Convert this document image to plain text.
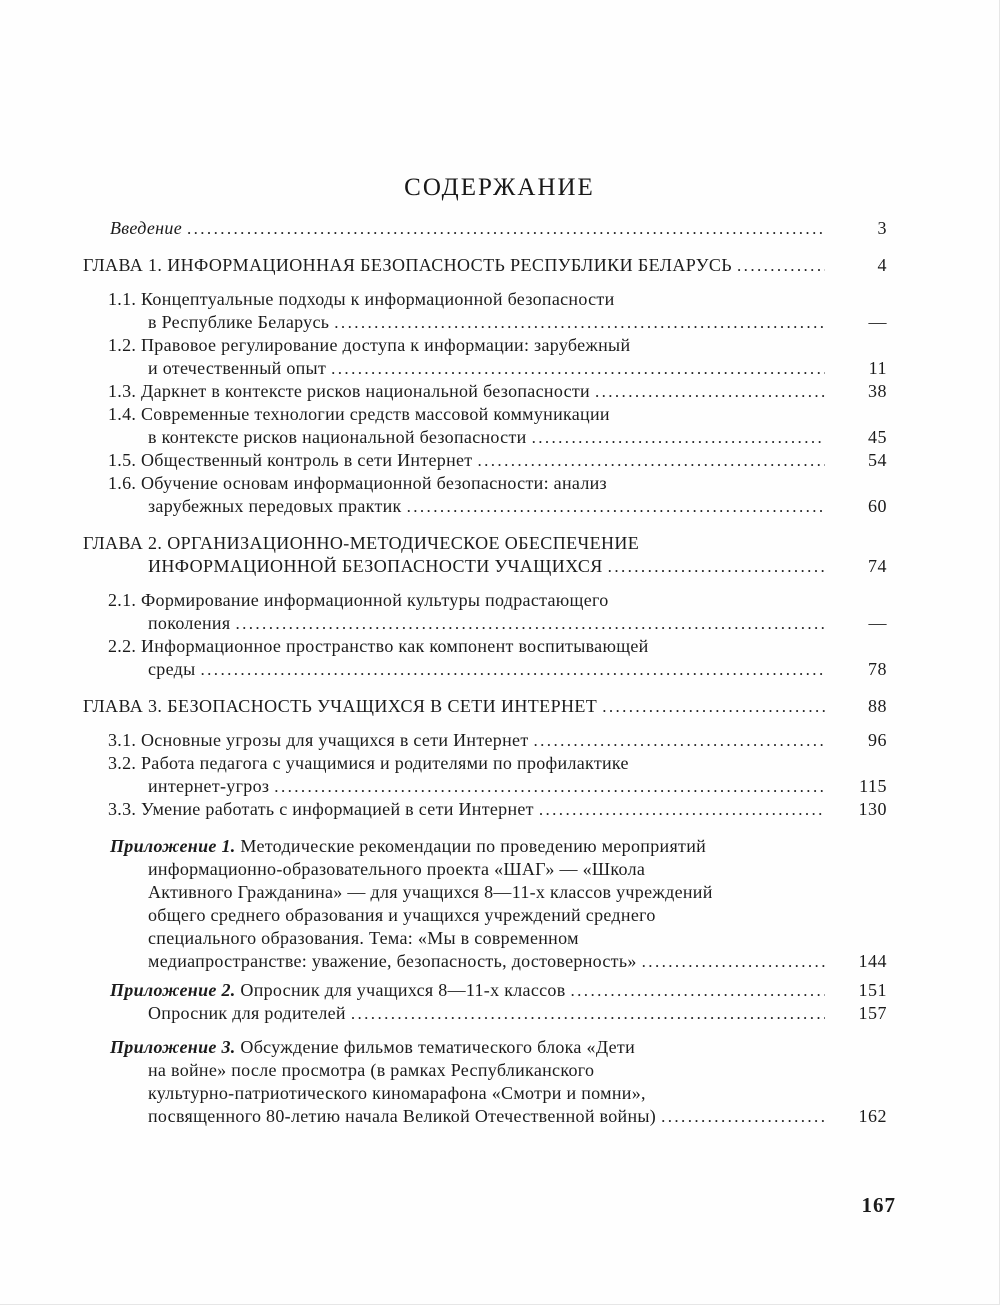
СОДЕРЖАНИЕ
Введение .....	3
ГЛАВА 1. ИНФОРМАЦИОННАЯ БЕЗОПАСНОСТЬ РЕСПУБЛИКИ БЕЛАРУСЬ .....	4
1.1. Концептуальные подходы к информационной безопасности
в Республике Беларусь .....	—
1.2. Правовое регулирование доступа к информации: зарубежный
и отечественный опыт .....	11
1.3. Даркнет в контексте рисков национальной безопасности .....	38
1.4. Современные технологии средств массовой коммуникации
в контексте рисков национальной безопасности .....	45
1.5. Общественный контроль в сети Интернет .....	54
1.6. Обучение основам информационной безопасности: анализ
зарубежных передовых практик .....	60
ГЛАВА 2. ОРГАНИЗАЦИОННО-МЕТОДИЧЕСКОЕ ОБЕСПЕЧЕНИЕ
ИНФОРМАЦИОННОЙ БЕЗОПАСНОСТИ УЧАЩИХСЯ .....	74
2.1. Формирование информационной культуры подрастающего
поколения .....	—
2.2. Информационное пространство как компонент воспитывающей
среды .....	78
ГЛАВА 3. БЕЗОПАСНОСТЬ УЧАЩИХСЯ В СЕТИ ИНТЕРНЕТ .....	88
3.1. Основные угрозы для учащихся в сети Интернет .....	96
3.2. Работа педагога с учащимися и родителями по профилактике
интернет-угроз .....	115
3.3. Умение работать с информацией в сети Интернет .....	130
Приложение 1. Методические рекомендации по проведению мероприятий
информационно-образовательного проекта «ШАГ» — «Школа
Активного Гражданина» — для учащихся 8—11-х классов учреждений
общего среднего образования и учащихся учреждений среднего
специального образования. Тема: «Мы в современном
медиапространстве: уважение, безопасность, достоверность» .....	144
Приложение 2. Опросник для учащихся 8—11-х классов .....	151
Опросник для родителей .....	157
Приложение 3. Обсуждение фильмов тематического блока «Дети
на войне» после просмотра (в рамках Республиканского
культурно-патриотического киномарафона «Смотри и помни»,
посвященного 80-летию начала Великой Отечественной войны) .....	162
167
